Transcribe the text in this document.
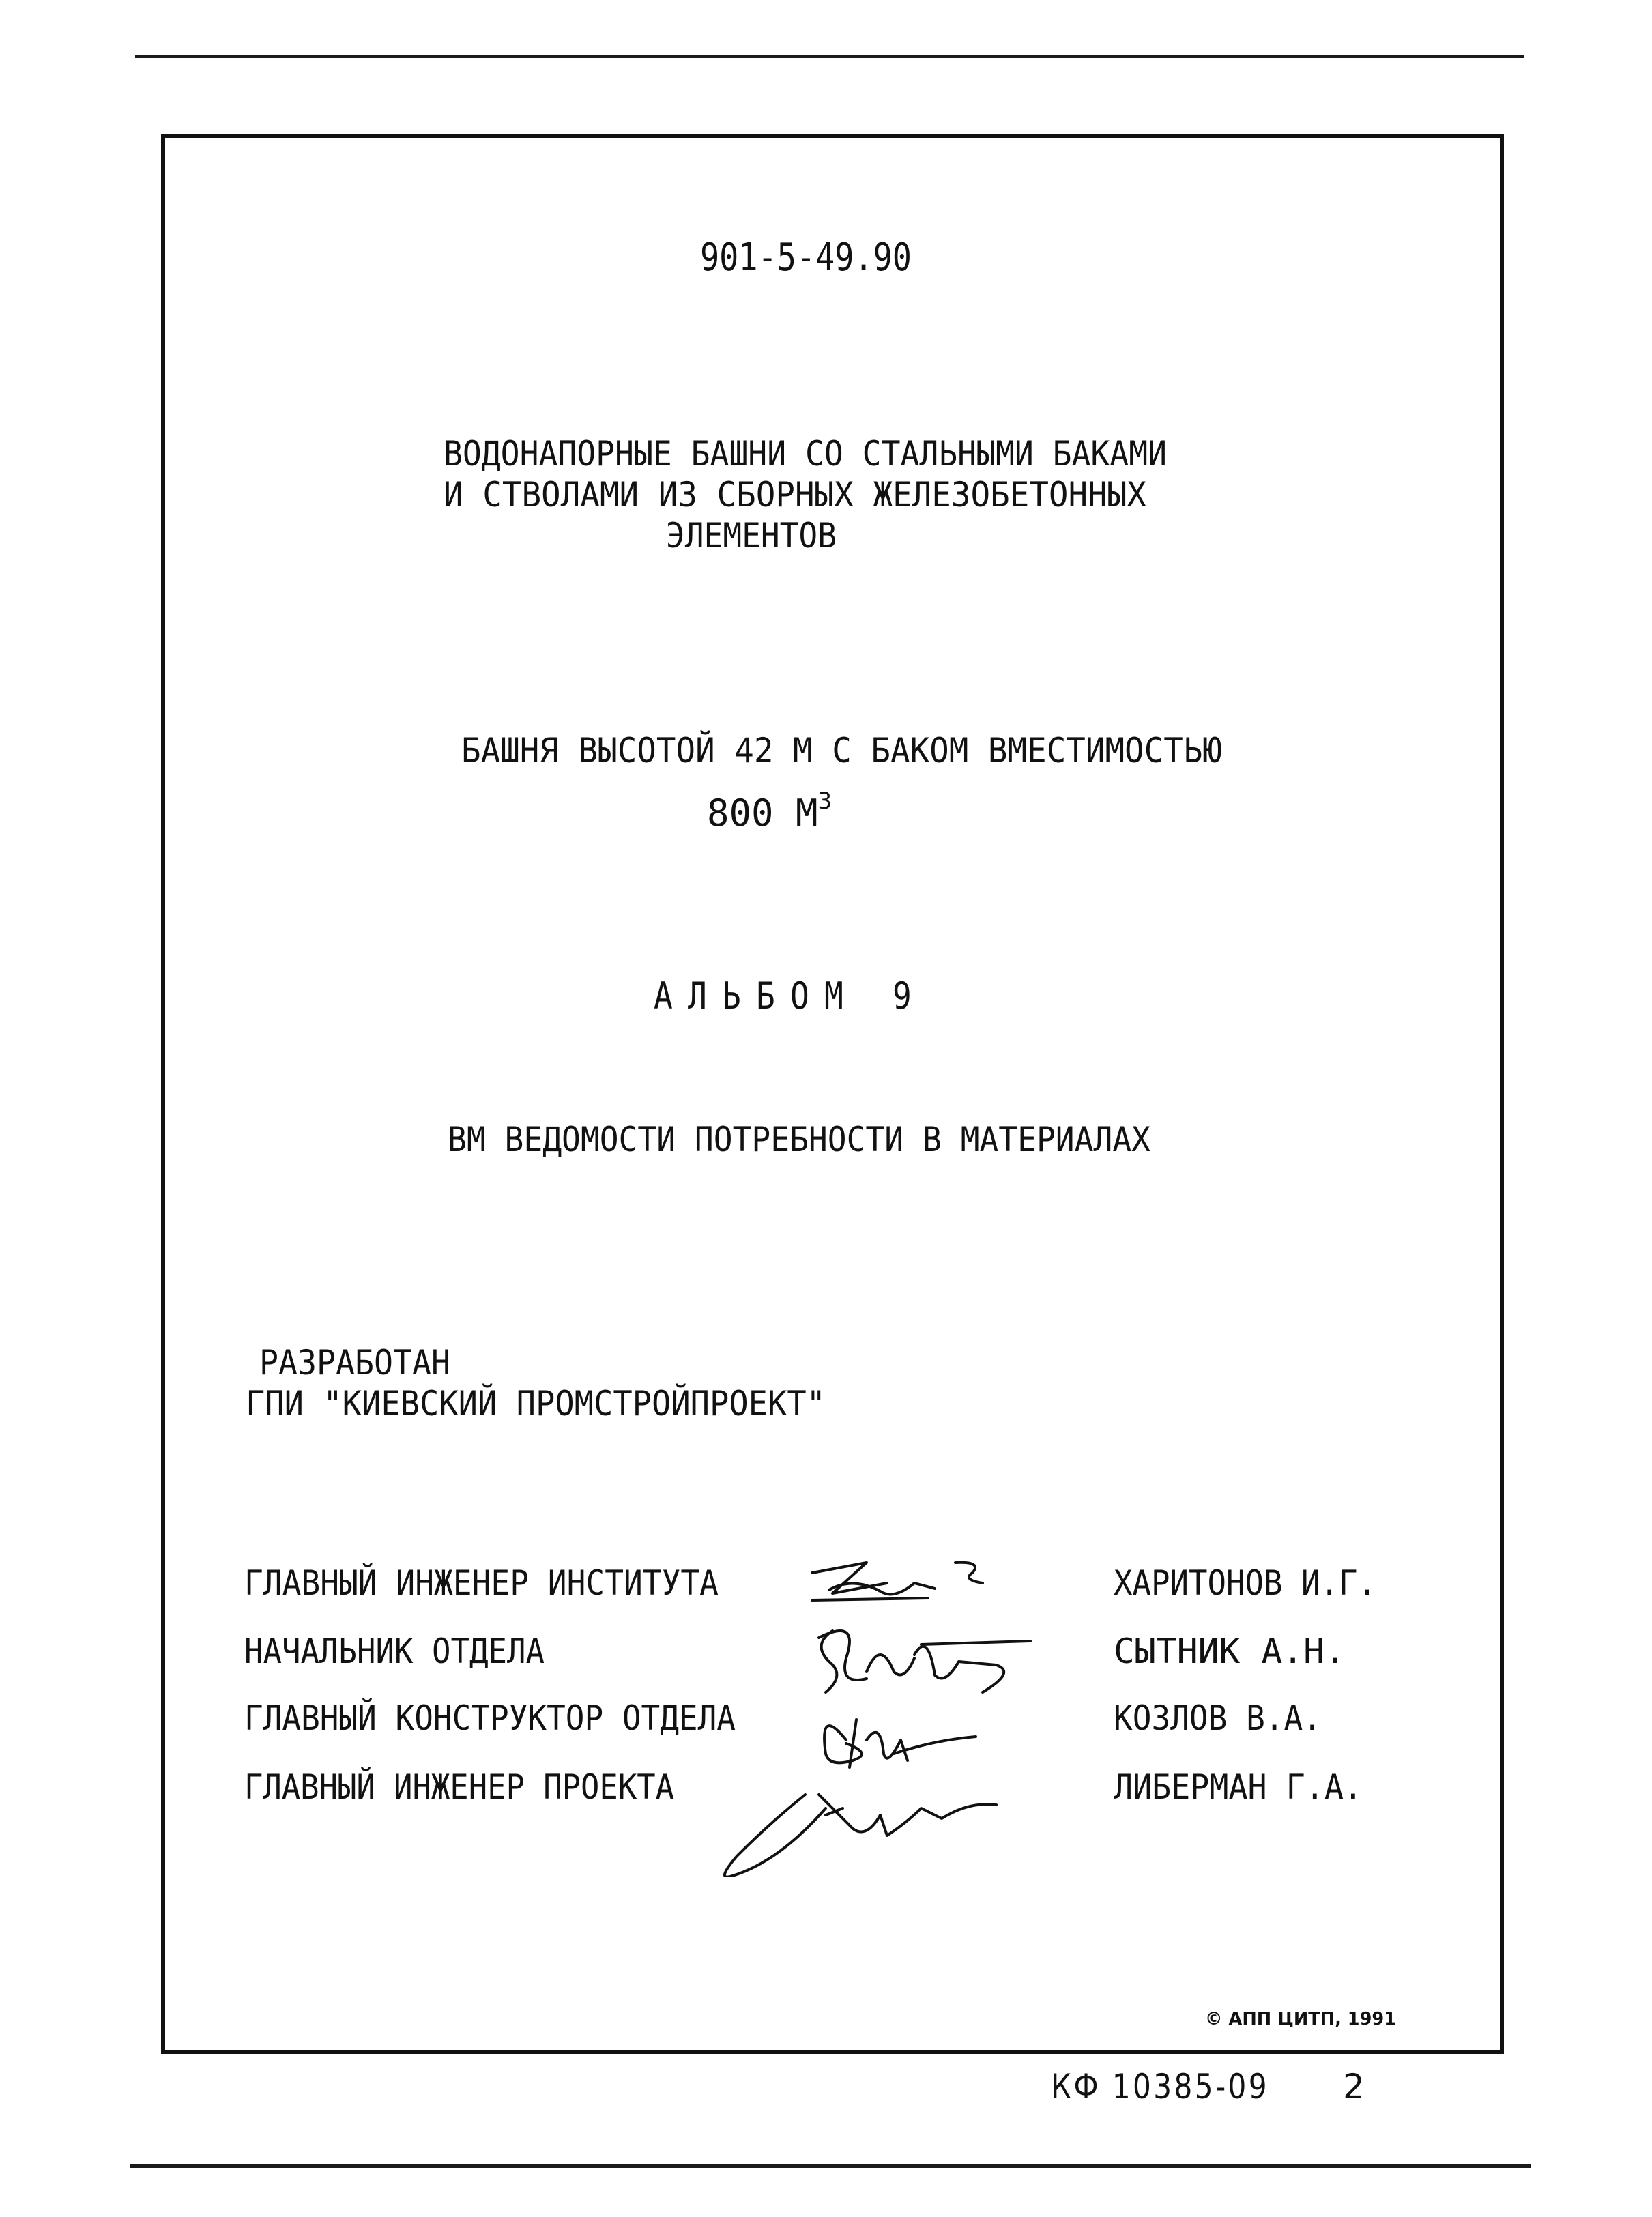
901-5-49.90
ВОДОНАПОРНЫЕ БАШНИ СО СТАЛЬНЫМИ БАКАМИ
И СТВОЛАМИ ИЗ СБОРНЫХ ЖЕЛЕЗОБЕТОННЫХ
ЭЛЕМЕНТОВ
БАШНЯ ВЫСОТОЙ 42 М С БАКОМ ВМЕСТИМОСТЬЮ
800 $М^3$
АЛЬБОМ 9
ВМ ВЕДОМОСТИ ПОТРЕБНОСТИ В МАТЕРИАЛАХ
РАЗРАБОТАН
ГПИ "КИЕВСКИЙ ПРОМСТРОЙПРОЕКТ"
ГЛАВНЫЙ ИНЖЕНЕР ИНСТИТУТА
НАЧАЛЬНИК ОТДЕЛА
ГЛАВНЫЙ КОНСТРУКТОР ОТДЕЛА
ГЛАВНЫЙ ИНЖЕНЕР ПРОЕКТА
ХАРИТОНОВ И.Г.
СЫТНИК А.Н.
КОЗЛОВ В.А.
ЛИБЕРМАН Г.А.
© АПП ЦИТП, 1991
КФ 10385-09 2
